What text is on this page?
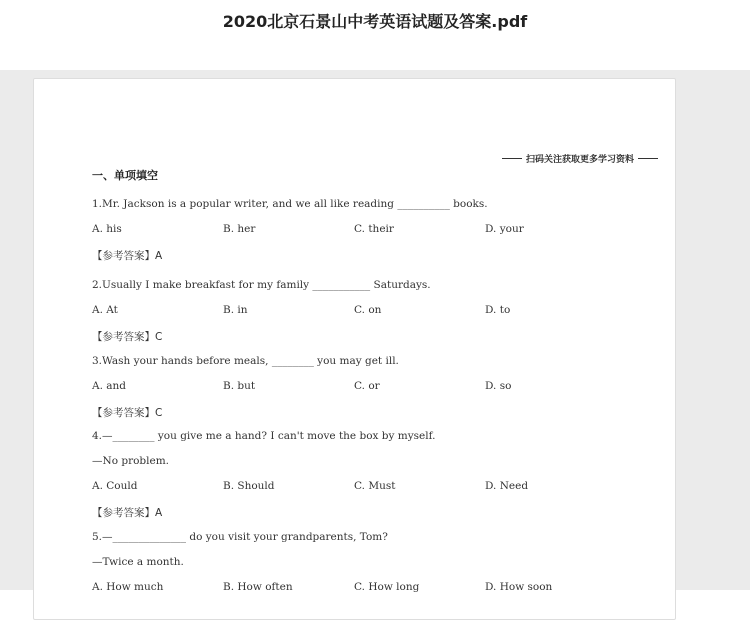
2020北京石景山中考英语试题及答案.pdf
扫码关注获取更多学习资料
一、单项填空
1.Mr. Jackson is a popular writer, and we all like reading __________ books.
A. his	B. her	C. their	D. your
【参考答案】A
2.Usually I make breakfast for my family ___________ Saturdays.
A. At	B. in	C. on	D. to
【参考答案】C
3.Wash your hands before meals, ________ you may get ill.
A. and	B. but	C. or	D. so
【参考答案】C
4.—________ you give me a hand? I can't move the box by myself.
—No problem.
A. Could	B. Should	C. Must	D. Need
【参考答案】A
5.—______________ do you visit your grandparents, Tom?
—Twice a month.
A. How much	B. How often	C. How long	D. How soon
